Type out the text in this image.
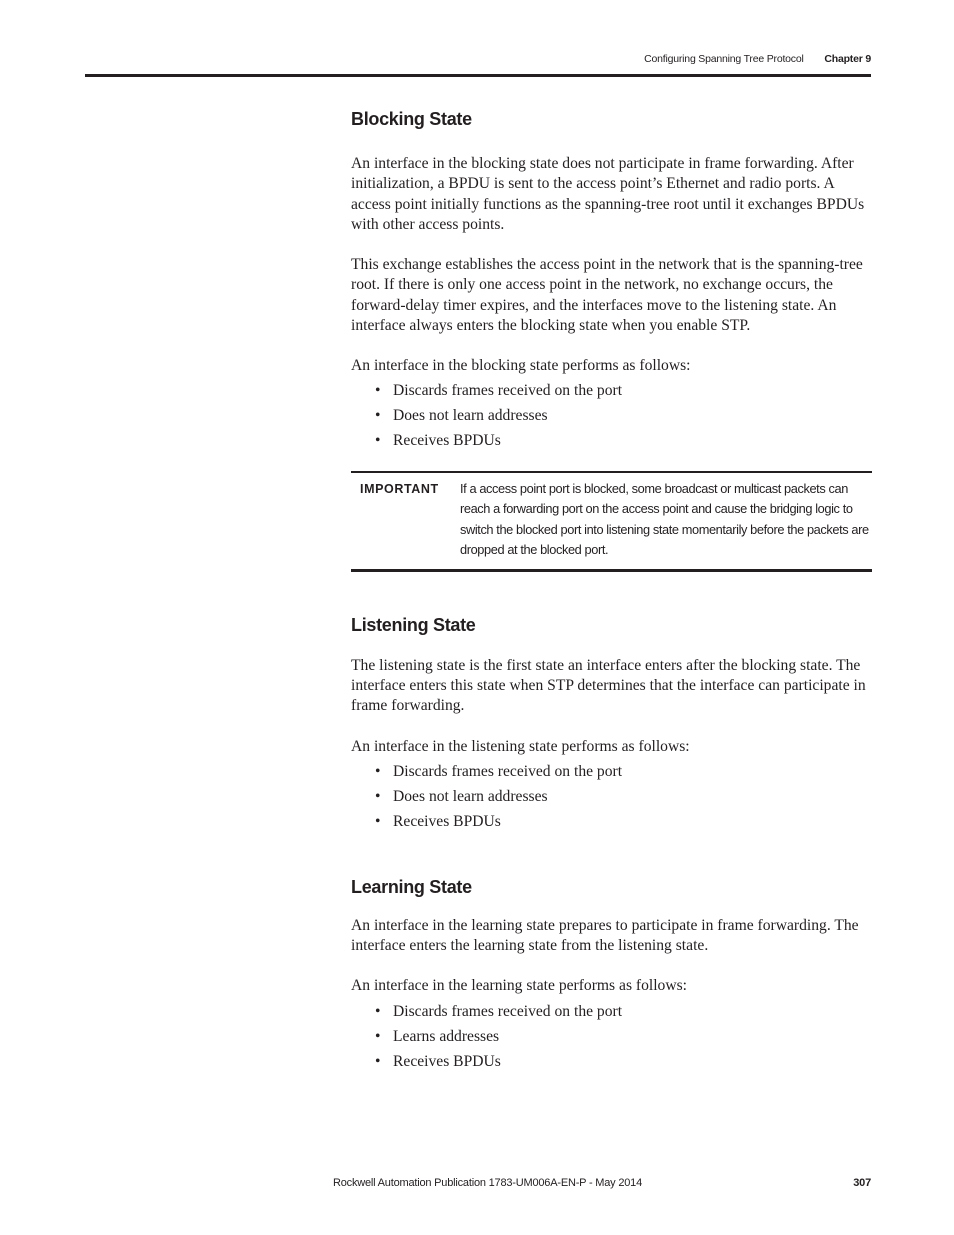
Configuring Spanning Tree Protocol Chapter 9
Blocking State

An interface in the blocking state does not participate in frame forwarding. After initialization, a BPDU is sent to the access point’s Ethernet and radio ports. A access point initially functions as the spanning-tree root until it exchanges BPDUs with other access points.

This exchange establishes the access point in the network that is the spanning-tree root. If there is only one access point in the network, no exchange occurs, the forward-delay timer expires, and the interfaces move to the listening state. An interface always enters the blocking state when you enable STP.

An interface in the blocking state performs as follows:

• Discards frames received on the port
• Does not learn addresses
• Receives BPDUs
IMPORTANT	If a access point port is blocked, some broadcast or multicast packets can reach a forwarding port on the access point and cause the bridging logic to switch the blocked port into listening state momentarily before the packets are dropped at the blocked port.
Listening State

The listening state is the first state an interface enters after the blocking state. The interface enters this state when STP determines that the interface can participate in frame forwarding.

An interface in the listening state performs as follows:

• Discards frames received on the port
• Does not learn addresses
• Receives BPDUs
Learning State

An interface in the learning state prepares to participate in frame forwarding. The interface enters the learning state from the listening state.

An interface in the learning state performs as follows:

• Discards frames received on the port
• Learns addresses
• Receives BPDUs
Rockwell Automation Publication 1783-UM006A-EN-P - May 2014	307
